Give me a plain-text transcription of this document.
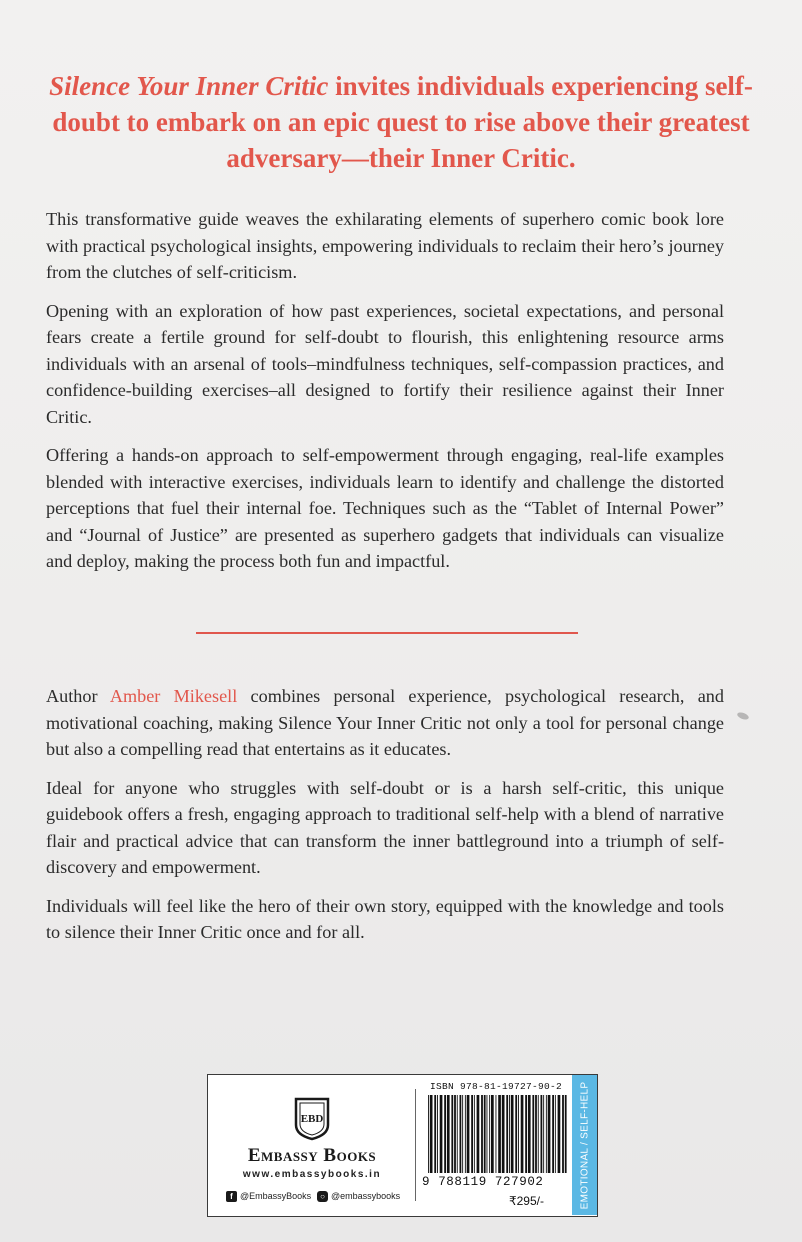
Silence Your Inner Critic invites individuals experiencing self-doubt to embark on an epic quest to rise above their greatest adversary—their Inner Critic.

This transformative guide weaves the exhilarating elements of superhero comic book lore with practical psychological insights, empowering individuals to reclaim their hero’s journey from the clutches of self-criticism.

Opening with an exploration of how past experiences, societal expectations, and personal fears create a fertile ground for self-doubt to flourish, this enlightening resource arms individuals with an arsenal of tools–mindfulness techniques, self-compassion practices, and confidence-building exercises–all designed to fortify their resilience against their Inner Critic.

Offering a hands-on approach to self-empowerment through engaging, real-life examples blended with interactive exercises, individuals learn to identify and challenge the distorted perceptions that fuel their internal foe. Techniques such as the “Tablet of Internal Power” and “Journal of Justice” are presented as superhero gadgets that individuals can visualize and deploy, making the process both fun and impactful.

Author Amber Mikesell combines personal experience, psychological research, and motivational coaching, making Silence Your Inner Critic not only a tool for personal change but also a compelling read that entertains as it educates.

Ideal for anyone who struggles with self-doubt or is a harsh self-critic, this unique guidebook offers a fresh, engaging approach to traditional self-help with a blend of narrative flair and practical advice that can transform the inner battleground into a triumph of self-discovery and empowerment.

Individuals will feel like the hero of their own story, equipped with the knowledge and tools to silence their Inner Critic once and for all.

EBD
Embassy Books
www.embassybooks.in
f @EmbassyBooks	○ @embassybooks
ISBN 978-81-19727-90-2
9 788119 727902
₹295/-	EMOTIONAL / SELF-HELP
